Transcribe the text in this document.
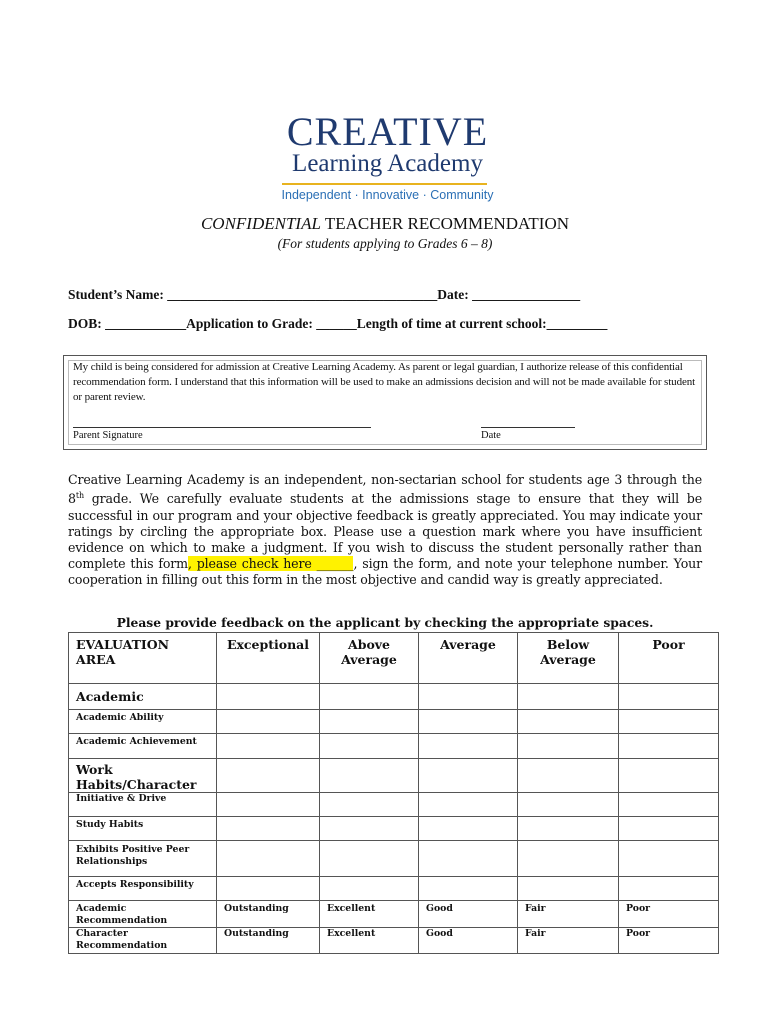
CREATIVE
Learning Academy
Independent · Innovative · Community
CONFIDENTIAL TEACHER RECOMMENDATION
(For students applying to Grades 6 – 8)
Student’s Name: ________________________________________Date: ________________
DOB: ____________Application to Grade: ______Length of time at current school:_________
My child is being considered for admission at Creative Learning Academy. As parent or legal guardian, I authorize release of this confidential recommendation form. I understand that this information will be used to make an admissions decision and will not be made available for student or parent review.
Parent Signature	Date
Creative Learning Academy is an independent, non-sectarian school for students age 3 through the 8th grade. We carefully evaluate students at the admissions stage to ensure that they will be successful in our program and your objective feedback is greatly appreciated. You may indicate your ratings by circling the appropriate box. Please use a question mark where you have insufficient evidence on which to make a judgment. If you wish to discuss the student personally rather than complete this form, please check here ______, sign the form, and note your telephone number. Your cooperation in filling out this form in the most objective and candid way is greatly appreciated.
Please provide feedback on the applicant by checking the appropriate spaces.
EVALUATION AREA	Exceptional	Above Average	Average	Below Average	Poor
Academic					
Academic Ability					
Academic Achievement					
Work Habits/Character					
Initiative & Drive					
Study Habits					
Exhibits Positive Peer Relationships					
Accepts Responsibility					
Academic Recommendation	Outstanding	Excellent	Good	Fair	Poor
Character Recommendation	Outstanding	Excellent	Good	Fair	Poor
